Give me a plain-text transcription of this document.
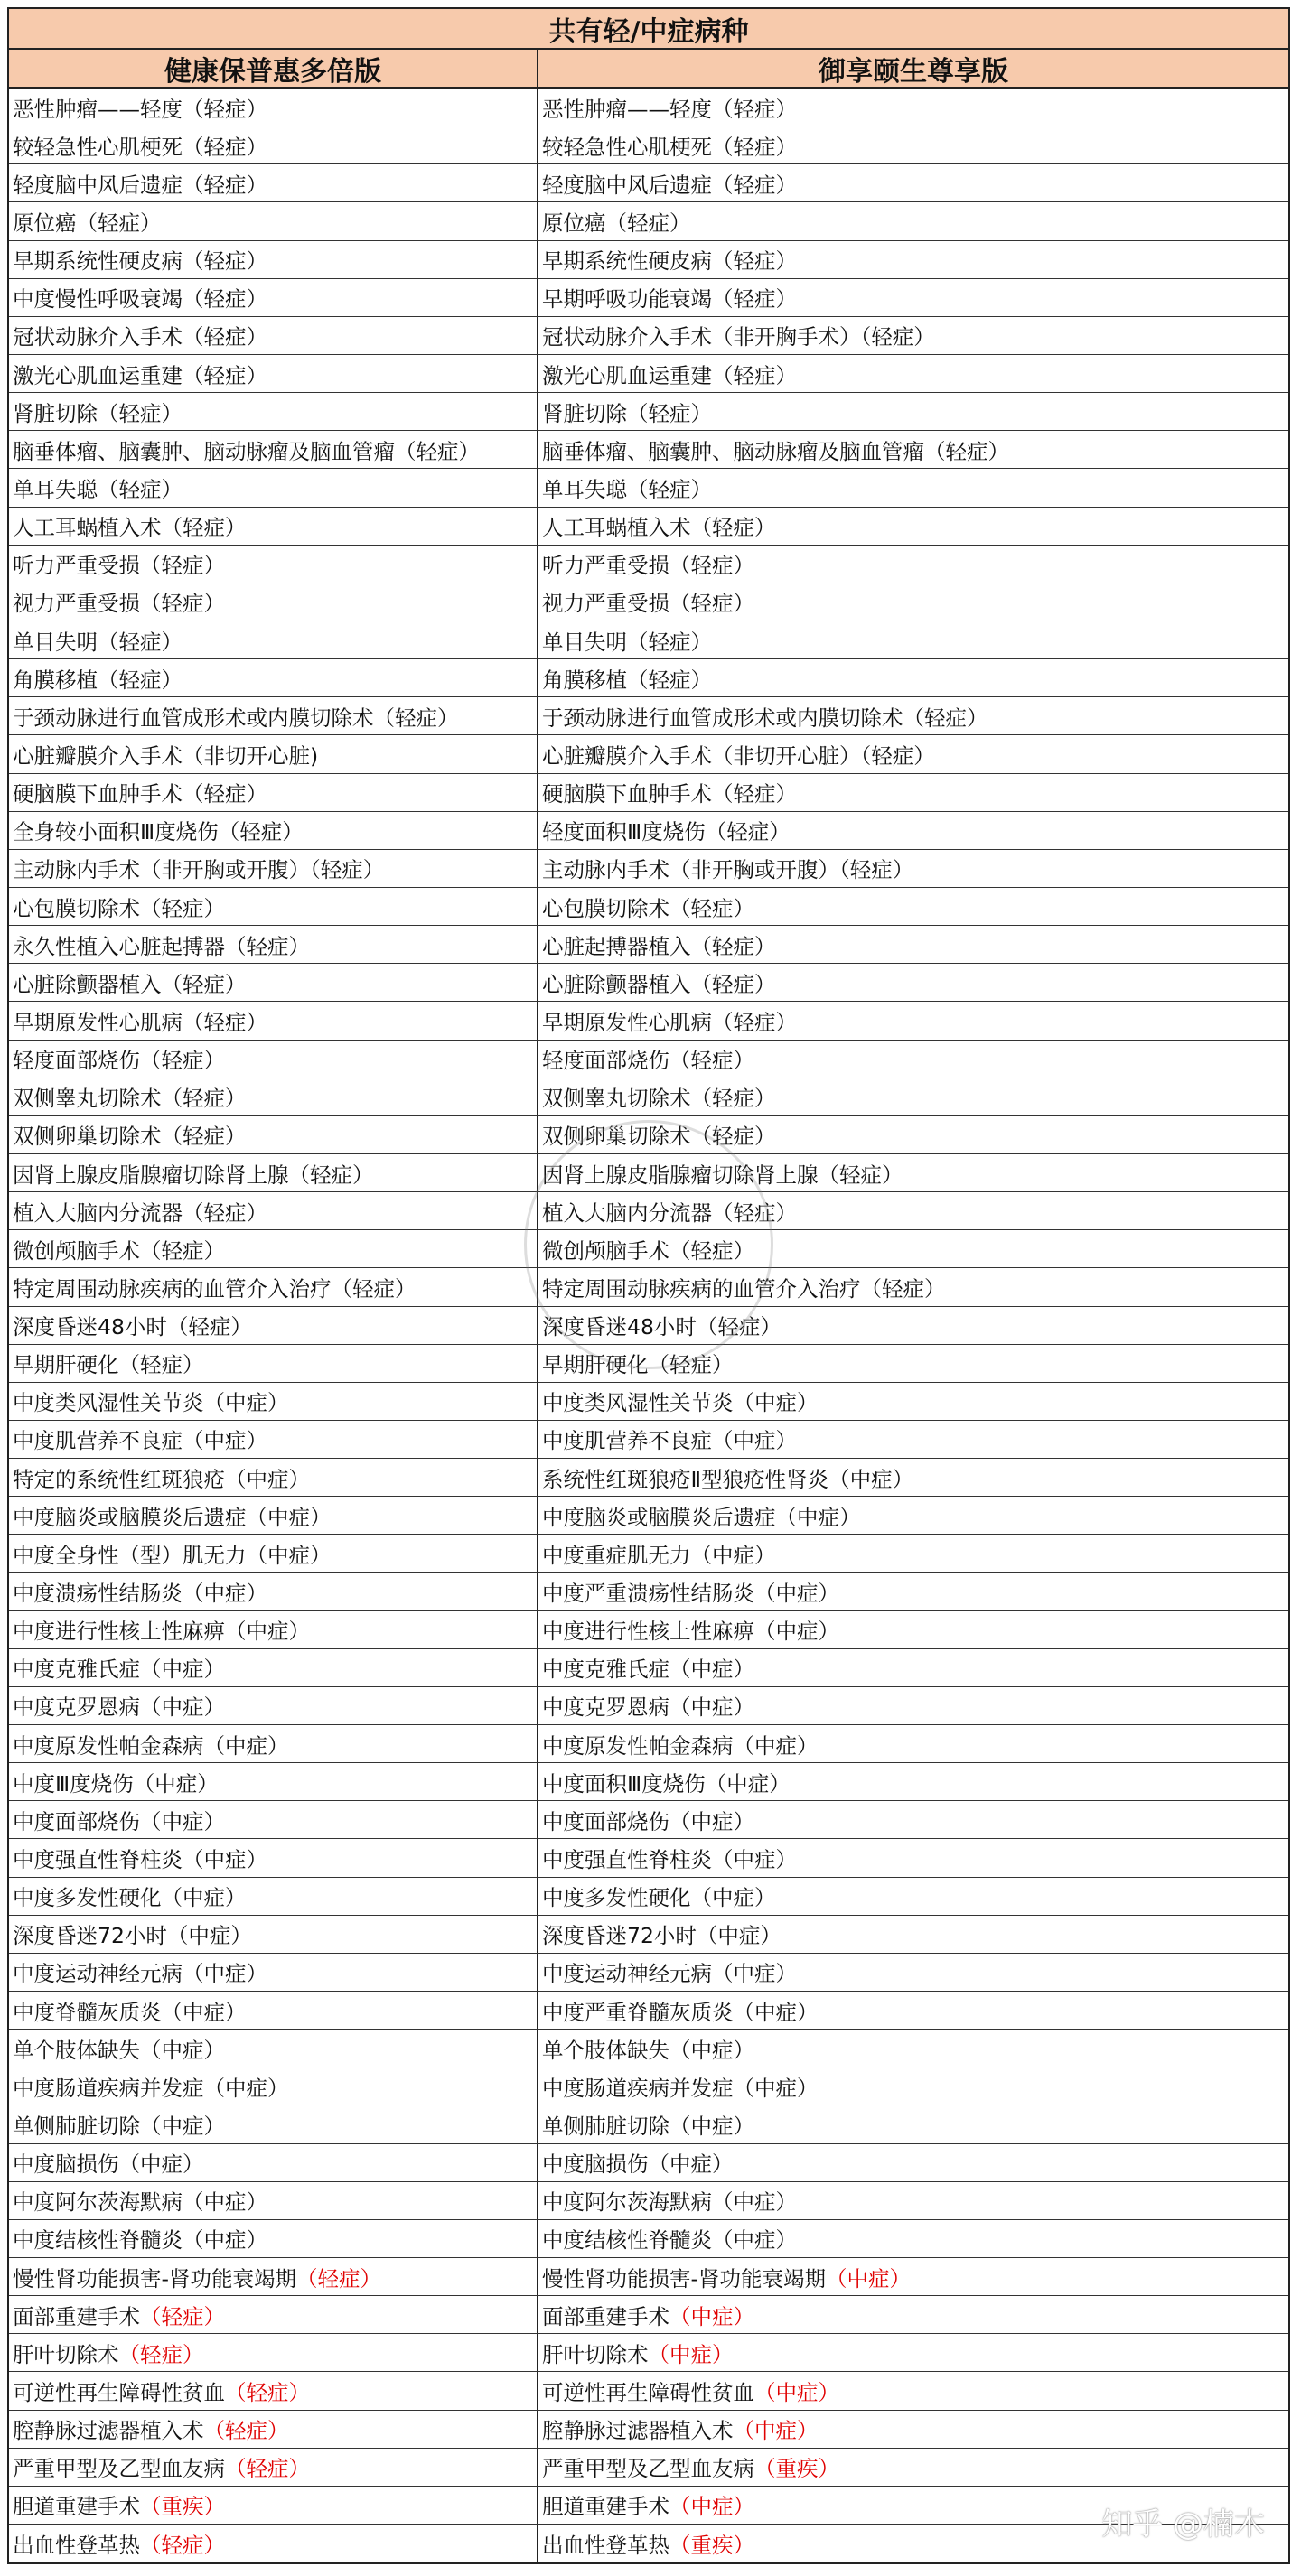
共有轻/中症病种
健康保普惠多倍版	御享颐生尊享版
恶性肿瘤——轻度（轻症）	恶性肿瘤——轻度（轻症）
较轻急性心肌梗死（轻症）	较轻急性心肌梗死（轻症）
轻度脑中风后遗症（轻症）	轻度脑中风后遗症（轻症）
原位癌（轻症）	原位癌（轻症）
早期系统性硬皮病（轻症）	早期系统性硬皮病（轻症）
中度慢性呼吸衰竭（轻症）	早期呼吸功能衰竭（轻症）
冠状动脉介入手术（轻症）	冠状动脉介入手术（非开胸手术）（轻症）
激光心肌血运重建（轻症）	激光心肌血运重建（轻症）
肾脏切除（轻症）	肾脏切除（轻症）
脑垂体瘤、脑囊肿、脑动脉瘤及脑血管瘤（轻症）	脑垂体瘤、脑囊肿、脑动脉瘤及脑血管瘤（轻症）
单耳失聪（轻症）	单耳失聪（轻症）
人工耳蜗植入术（轻症）	人工耳蜗植入术（轻症）
听力严重受损（轻症）	听力严重受损（轻症）
视力严重受损（轻症）	视力严重受损（轻症）
单目失明（轻症）	单目失明（轻症）
角膜移植（轻症）	角膜移植（轻症）
于颈动脉进行血管成形术或内膜切除术（轻症）	于颈动脉进行血管成形术或内膜切除术（轻症）
心脏瓣膜介入手术（非切开心脏)	心脏瓣膜介入手术（非切开心脏）（轻症）
硬脑膜下血肿手术（轻症）	硬脑膜下血肿手术（轻症）
全身较小面积Ⅲ度烧伤（轻症）	轻度面积Ⅲ度烧伤（轻症）
主动脉内手术（非开胸或开腹）（轻症）	主动脉内手术（非开胸或开腹）（轻症）
心包膜切除术（轻症）	心包膜切除术（轻症）
永久性植入心脏起搏器（轻症）	心脏起搏器植入（轻症）
心脏除颤器植入（轻症）	心脏除颤器植入（轻症）
早期原发性心肌病（轻症）	早期原发性心肌病（轻症）
轻度面部烧伤（轻症）	轻度面部烧伤（轻症）
双侧睾丸切除术（轻症）	双侧睾丸切除术（轻症）
双侧卵巢切除术（轻症）	双侧卵巢切除术（轻症）
因肾上腺皮脂腺瘤切除肾上腺（轻症）	因肾上腺皮脂腺瘤切除肾上腺（轻症）
植入大脑内分流器（轻症）	植入大脑内分流器（轻症）
微创颅脑手术（轻症）	微创颅脑手术（轻症）
特定周围动脉疾病的血管介入治疗（轻症）	特定周围动脉疾病的血管介入治疗（轻症）
深度昏迷48小时（轻症）	深度昏迷48小时（轻症）
早期肝硬化（轻症）	早期肝硬化（轻症）
中度类风湿性关节炎（中症）	中度类风湿性关节炎（中症）
中度肌营养不良症（中症）	中度肌营养不良症（中症）
特定的系统性红斑狼疮（中症）	系统性红斑狼疮Ⅱ型狼疮性肾炎（中症）
中度脑炎或脑膜炎后遗症（中症）	中度脑炎或脑膜炎后遗症（中症）
中度全身性（型）肌无力（中症）	中度重症肌无力（中症）
中度溃疡性结肠炎（中症）	中度严重溃疡性结肠炎（中症）
中度进行性核上性麻痹（中症）	中度进行性核上性麻痹（中症）
中度克雅氏症（中症）	中度克雅氏症（中症）
中度克罗恩病（中症）	中度克罗恩病（中症）
中度原发性帕金森病（中症）	中度原发性帕金森病（中症）
中度Ⅲ度烧伤（中症）	中度面积Ⅲ度烧伤（中症）
中度面部烧伤（中症）	中度面部烧伤（中症）
中度强直性脊柱炎（中症）	中度强直性脊柱炎（中症）
中度多发性硬化（中症）	中度多发性硬化（中症）
深度昏迷72小时（中症）	深度昏迷72小时（中症）
中度运动神经元病（中症）	中度运动神经元病（中症）
中度脊髓灰质炎（中症）	中度严重脊髓灰质炎（中症）
单个肢体缺失（中症）	单个肢体缺失（中症）
中度肠道疾病并发症（中症）	中度肠道疾病并发症（中症）
单侧肺脏切除（中症）	单侧肺脏切除（中症）
中度脑损伤（中症）	中度脑损伤（中症）
中度阿尔茨海默病（中症）	中度阿尔茨海默病（中症）
中度结核性脊髓炎（中症）	中度结核性脊髓炎（中症）
慢性肾功能损害-肾功能衰竭期 （轻症）	慢性肾功能损害-肾功能衰竭期 （中症）
面部重建手术 （轻症）	面部重建手术 （中症）
肝叶切除术 （轻症）	肝叶切除术 （中症）
可逆性再生障碍性贫血 （轻症）	可逆性再生障碍性贫血 （中症）
腔静脉过滤器植入术 （轻症）	腔静脉过滤器植入术 （中症）
严重甲型及乙型血友病 （轻症）	严重甲型及乙型血友病 （重疾）
胆道重建手术 （重疾）	胆道重建手术 （中症）
出血性登革热 （轻症）	出血性登革热 （重疾）
知乎 @楠木
